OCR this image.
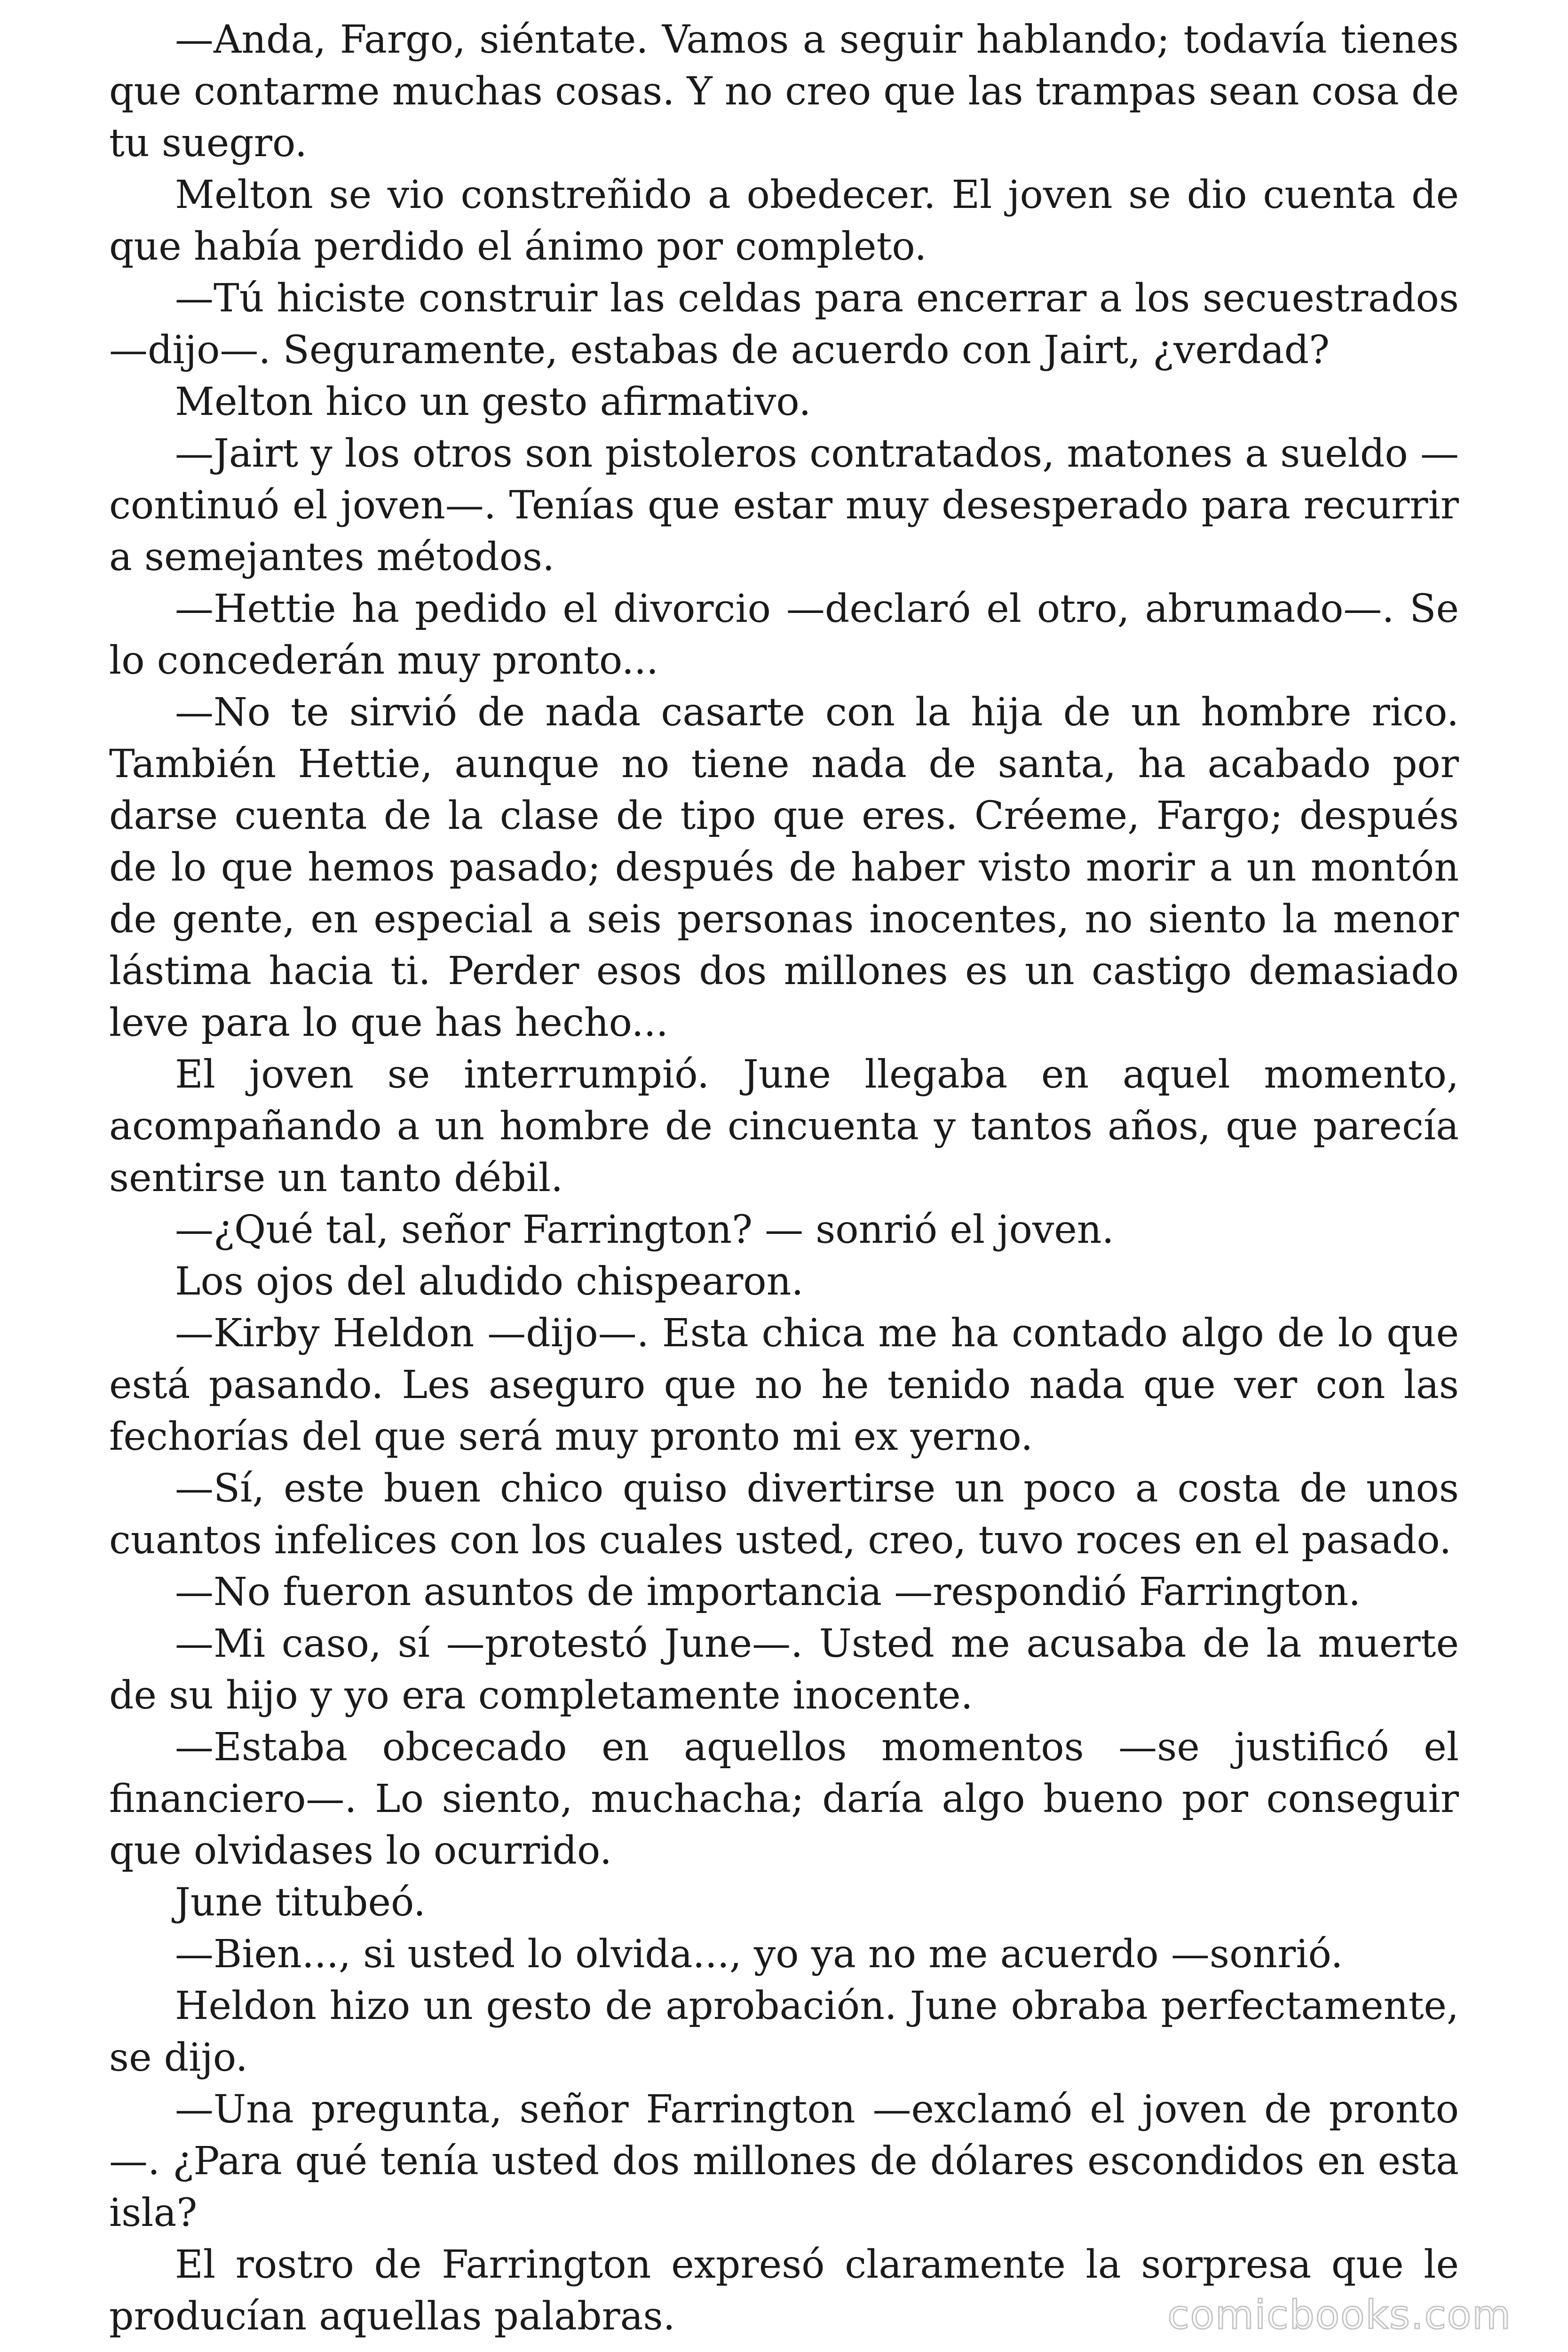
—Anda, Fargo, siéntate. Vamos a seguir hablando; todavía tienes que contarme muchas cosas. Y no creo que las trampas sean cosa de tu suegro.

Melton se vio constreñido a obedecer. El joven se dio cuenta de que había perdido el ánimo por completo.

—Tú hiciste construir las celdas para encerrar a los secuestrados —dijo—. Seguramente, estabas de acuerdo con Jairt, ¿verdad?

Melton hico un gesto afirmativo.

—Jairt y los otros son pistoleros contratados, matones a sueldo —continuó el joven—. Tenías que estar muy desesperado para recurrir a semejantes métodos.

—Hettie ha pedido el divorcio —declaró el otro, abrumado—. Se lo concederán muy pronto...

—No te sirvió de nada casarte con la hija de un hombre rico. También Hettie, aunque no tiene nada de santa, ha acabado por darse cuenta de la clase de tipo que eres. Créeme, Fargo; después de lo que hemos pasado; después de haber visto morir a un montón de gente, en especial a seis personas inocentes, no siento la menor lástima hacia ti. Perder esos dos millones es un castigo demasiado leve para lo que has hecho...

El joven se interrumpió. June llegaba en aquel momento, acompañando a un hombre de cincuenta y tantos años, que parecía sentirse un tanto débil.

—¿Qué tal, señor Farrington? — sonrió el joven.

Los ojos del aludido chispearon.

—Kirby Heldon —dijo—. Esta chica me ha contado algo de lo que está pasando. Les aseguro que no he tenido nada que ver con las fechorías del que será muy pronto mi ex yerno.

—Sí, este buen chico quiso divertirse un poco a costa de unos cuantos infelices con los cuales usted, creo, tuvo roces en el pasado.

—No fueron asuntos de importancia —respondió Farrington.

—Mi caso, sí —protestó June—. Usted me acusaba de la muerte de su hijo y yo era completamente inocente.

—Estaba obcecado en aquellos momentos —se justificó el financiero—. Lo siento, muchacha; daría algo bueno por conseguir que olvidases lo ocurrido.

June titubeó.

—Bien..., si usted lo olvida..., yo ya no me acuerdo —sonrió.

Heldon hizo un gesto de aprobación. June obraba perfectamente, se dijo.

—Una pregunta, señor Farrington —exclamó el joven de pronto—. ¿Para qué tenía usted dos millones de dólares escondidos en esta isla?

El rostro de Farrington expresó claramente la sorpresa que le producían aquellas palabras.	comicbooks.com
